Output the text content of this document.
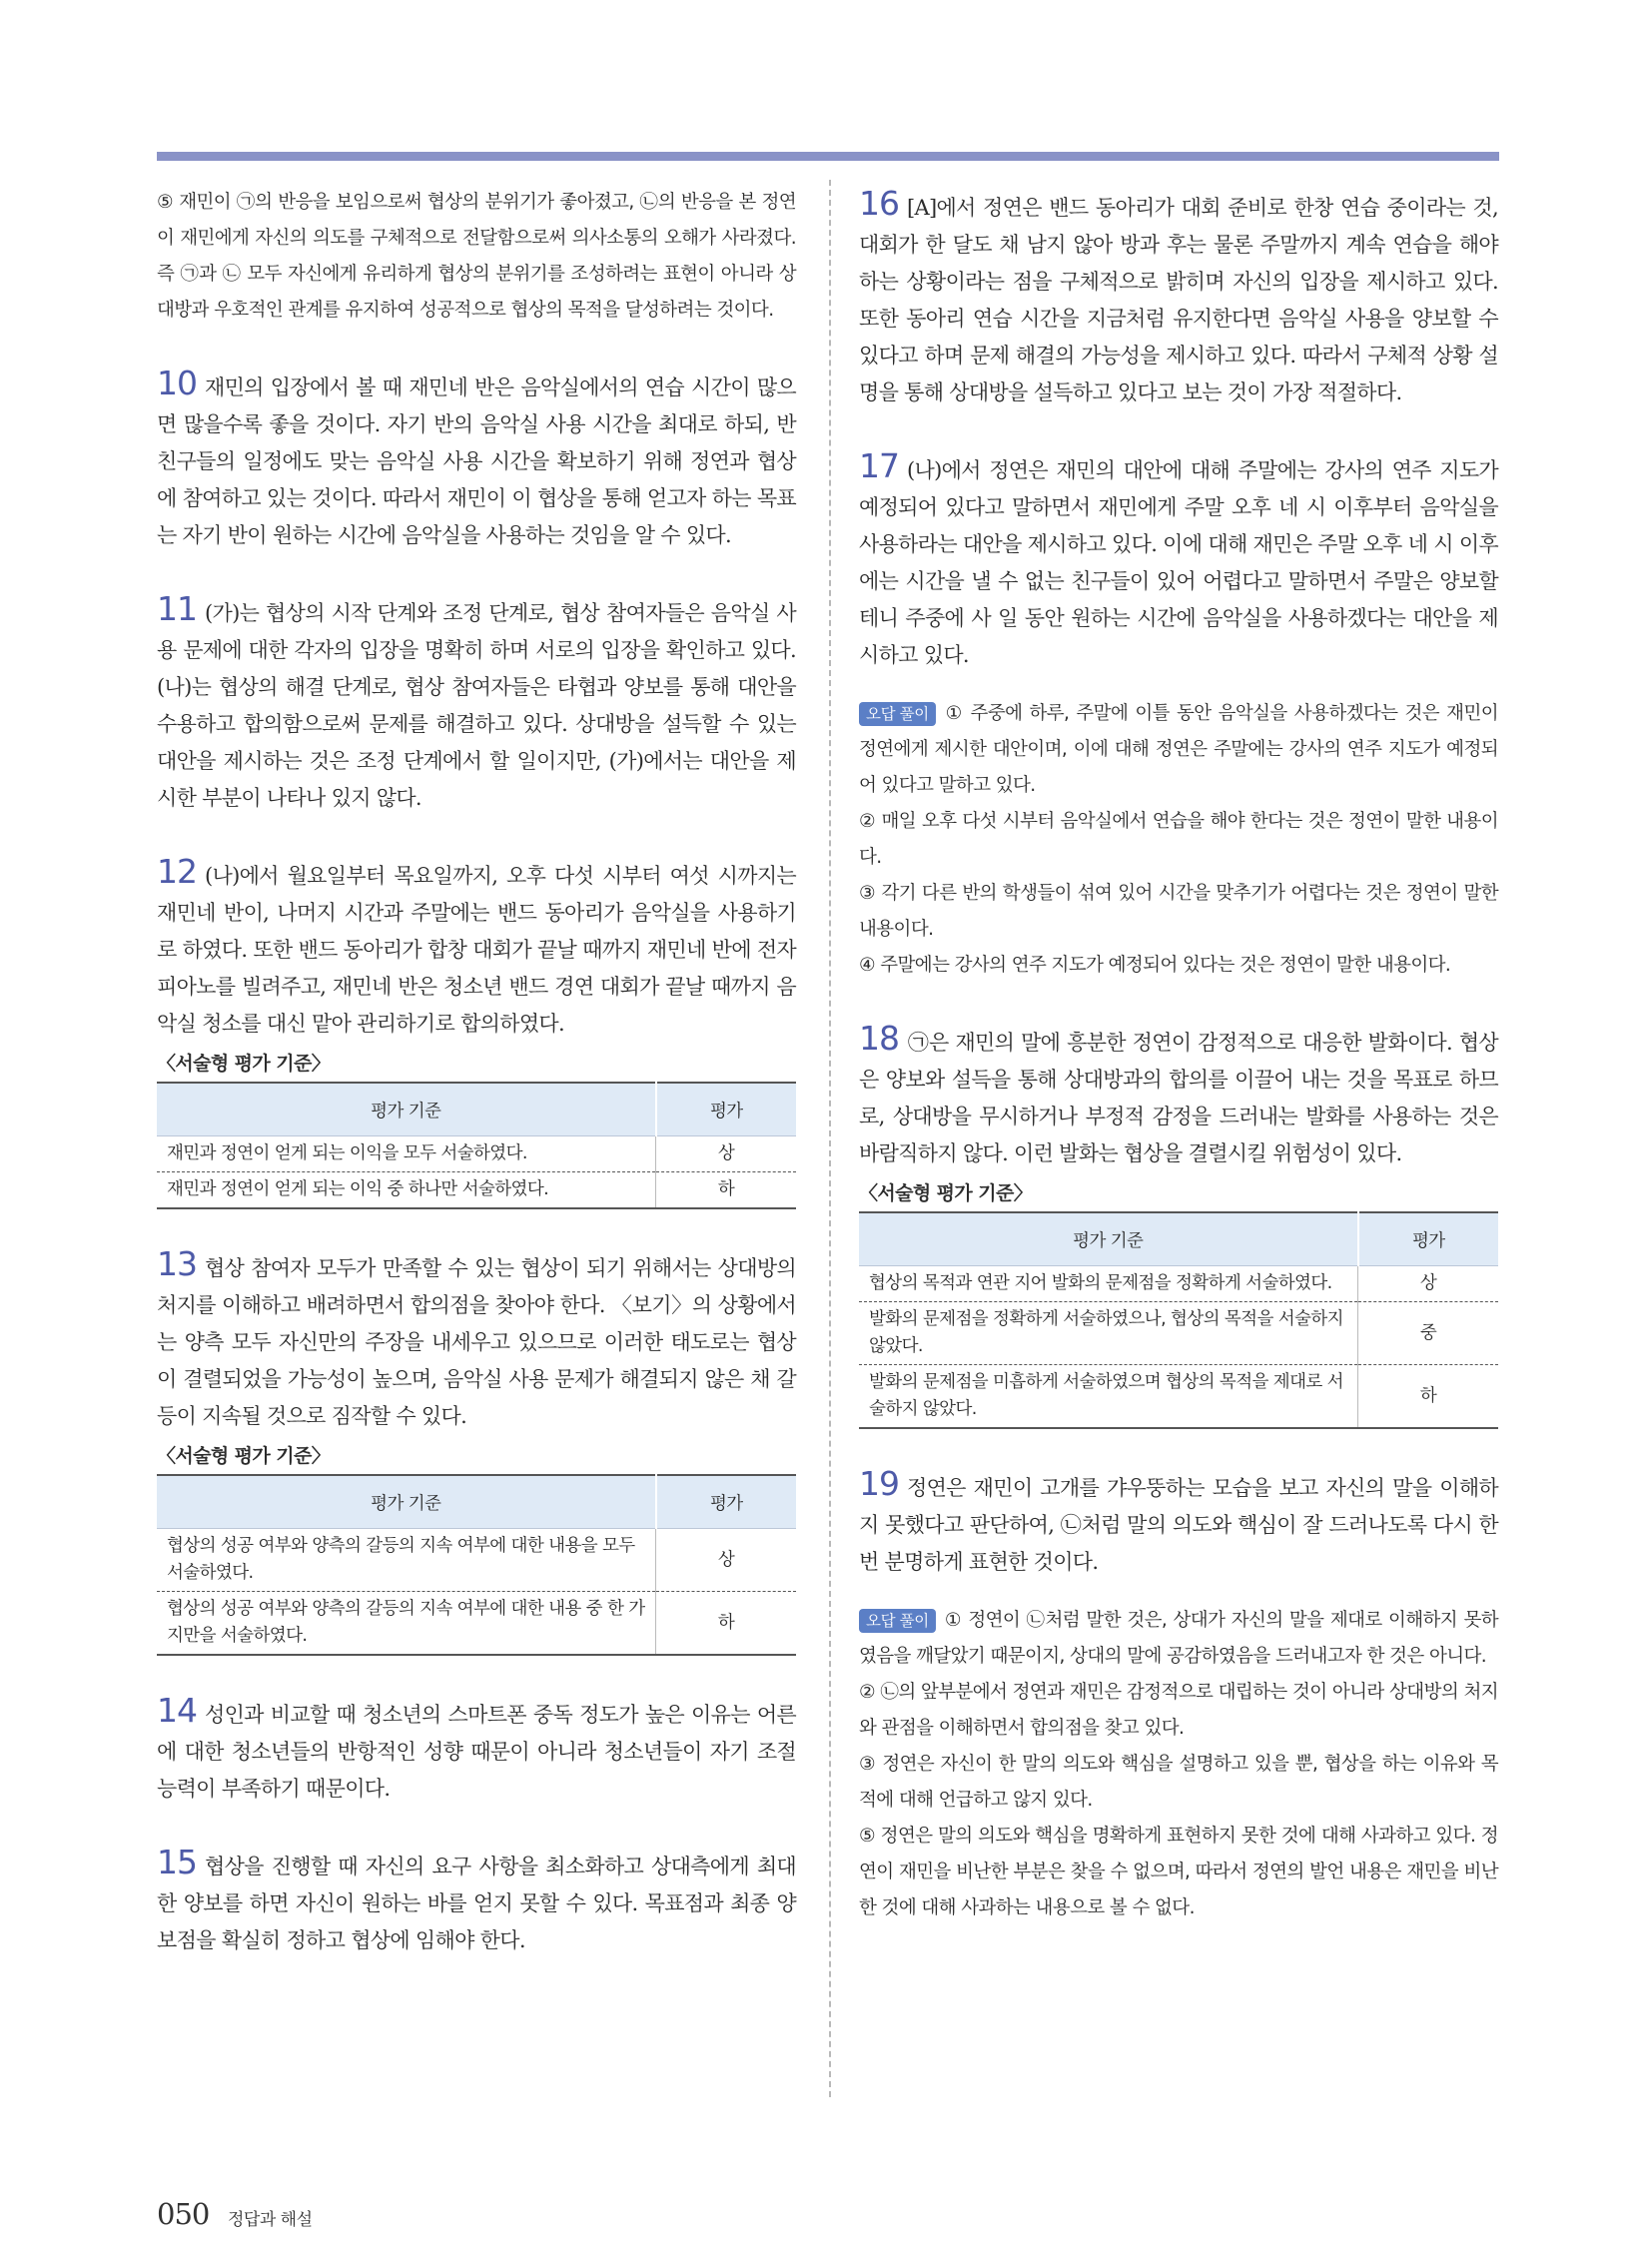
⑤ 재민이 ㉠의 반응을 보임으로써 협상의 분위기가 좋아졌고, ㉡의 반응을 본 정연이 재민에게 자신의 의도를 구체적으로 전달함으로써 의사소통의 오해가 사라졌다. 즉 ㉠과 ㉡ 모두 자신에게 유리하게 협상의 분위기를 조성하려는 표현이 아니라 상대방과 우호적인 관계를 유지하여 성공적으로 협상의 목적을 달성하려는 것이다.

10 재민의 입장에서 볼 때 재민네 반은 음악실에서의 연습 시간이 많으면 많을수록 좋을 것이다. 자기 반의 음악실 사용 시간을 최대로 하되, 반 친구들의 일정에도 맞는 음악실 사용 시간을 확보하기 위해 정연과 협상에 참여하고 있는 것이다. 따라서 재민이 이 협상을 통해 얻고자 하는 목표는 자기 반이 원하는 시간에 음악실을 사용하는 것임을 알 수 있다.

11 (가)는 협상의 시작 단계와 조정 단계로, 협상 참여자들은 음악실 사용 문제에 대한 각자의 입장을 명확히 하며 서로의 입장을 확인하고 있다. (나)는 협상의 해결 단계로, 협상 참여자들은 타협과 양보를 통해 대안을 수용하고 합의함으로써 문제를 해결하고 있다. 상대방을 설득할 수 있는 대안을 제시하는 것은 조정 단계에서 할 일이지만, (가)에서는 대안을 제시한 부분이 나타나 있지 않다.

12 (나)에서 월요일부터 목요일까지, 오후 다섯 시부터 여섯 시까지는 재민네 반이, 나머지 시간과 주말에는 밴드 동아리가 음악실을 사용하기로 하였다. 또한 밴드 동아리가 합창 대회가 끝날 때까지 재민네 반에 전자 피아노를 빌려주고, 재민네 반은 청소년 밴드 경연 대회가 끝날 때까지 음악실 청소를 대신 맡아 관리하기로 합의하였다.

〈서술형 평가 기준〉
평가 기준	평가
재민과 정연이 얻게 되는 이익을 모두 서술하였다.	상
재민과 정연이 얻게 되는 이익 중 하나만 서술하였다.	하

13 협상 참여자 모두가 만족할 수 있는 협상이 되기 위해서는 상대방의 처지를 이해하고 배려하면서 합의점을 찾아야 한다. 〈보기〉의 상황에서는 양측 모두 자신만의 주장을 내세우고 있으므로 이러한 태도로는 협상이 결렬되었을 가능성이 높으며, 음악실 사용 문제가 해결되지 않은 채 갈등이 지속될 것으로 짐작할 수 있다.

〈서술형 평가 기준〉
평가 기준	평가
협상의 성공 여부와 양측의 갈등의 지속 여부에 대한 내용을 모두 서술하였다.	상
협상의 성공 여부와 양측의 갈등의 지속 여부에 대한 내용 중 한 가지만을 서술하였다.	하

14 성인과 비교할 때 청소년의 스마트폰 중독 정도가 높은 이유는 어른에 대한 청소년들의 반항적인 성향 때문이 아니라 청소년들이 자기 조절 능력이 부족하기 때문이다.

15 협상을 진행할 때 자신의 요구 사항을 최소화하고 상대측에게 최대한 양보를 하면 자신이 원하는 바를 얻지 못할 수 있다. 목표점과 최종 양보점을 확실히 정하고 협상에 임해야 한다.

16 [A]에서 정연은 밴드 동아리가 대회 준비로 한창 연습 중이라는 것, 대회가 한 달도 채 남지 않아 방과 후는 물론 주말까지 계속 연습을 해야 하는 상황이라는 점을 구체적으로 밝히며 자신의 입장을 제시하고 있다. 또한 동아리 연습 시간을 지금처럼 유지한다면 음악실 사용을 양보할 수 있다고 하며 문제 해결의 가능성을 제시하고 있다. 따라서 구체적 상황 설명을 통해 상대방을 설득하고 있다고 보는 것이 가장 적절하다.

17 (나)에서 정연은 재민의 대안에 대해 주말에는 강사의 연주 지도가 예정되어 있다고 말하면서 재민에게 주말 오후 네 시 이후부터 음악실을 사용하라는 대안을 제시하고 있다. 이에 대해 재민은 주말 오후 네 시 이후에는 시간을 낼 수 없는 친구들이 있어 어렵다고 말하면서 주말은 양보할 테니 주중에 사 일 동안 원하는 시간에 음악실을 사용하겠다는 대안을 제시하고 있다.

오답 풀이 ① 주중에 하루, 주말에 이틀 동안 음악실을 사용하겠다는 것은 재민이 정연에게 제시한 대안이며, 이에 대해 정연은 주말에는 강사의 연주 지도가 예정되어 있다고 말하고 있다.

② 매일 오후 다섯 시부터 음악실에서 연습을 해야 한다는 것은 정연이 말한 내용이다.

③ 각기 다른 반의 학생들이 섞여 있어 시간을 맞추기가 어렵다는 것은 정연이 말한 내용이다.

④ 주말에는 강사의 연주 지도가 예정되어 있다는 것은 정연이 말한 내용이다.

18 ㉠은 재민의 말에 흥분한 정연이 감정적으로 대응한 발화이다. 협상은 양보와 설득을 통해 상대방과의 합의를 이끌어 내는 것을 목표로 하므로, 상대방을 무시하거나 부정적 감정을 드러내는 발화를 사용하는 것은 바람직하지 않다. 이런 발화는 협상을 결렬시킬 위험성이 있다.

〈서술형 평가 기준〉
평가 기준	평가
협상의 목적과 연관 지어 발화의 문제점을 정확하게 서술하였다.	상
발화의 문제점을 정확하게 서술하였으나, 협상의 목적을 서술하지 않았다.	중
발화의 문제점을 미흡하게 서술하였으며 협상의 목적을 제대로 서술하지 않았다.	하

19 정연은 재민이 고개를 갸우뚱하는 모습을 보고 자신의 말을 이해하지 못했다고 판단하여, ㉡처럼 말의 의도와 핵심이 잘 드러나도록 다시 한번 분명하게 표현한 것이다.

오답 풀이 ① 정연이 ㉡처럼 말한 것은, 상대가 자신의 말을 제대로 이해하지 못하였음을 깨달았기 때문이지, 상대의 말에 공감하였음을 드러내고자 한 것은 아니다.

② ㉡의 앞부분에서 정연과 재민은 감정적으로 대립하는 것이 아니라 상대방의 처지와 관점을 이해하면서 합의점을 찾고 있다.

③ 정연은 자신이 한 말의 의도와 핵심을 설명하고 있을 뿐, 협상을 하는 이유와 목적에 대해 언급하고 않지 있다.

⑤ 정연은 말의 의도와 핵심을 명확하게 표현하지 못한 것에 대해 사과하고 있다. 정연이 재민을 비난한 부분은 찾을 수 없으며, 따라서 정연의 발언 내용은 재민을 비난한 것에 대해 사과하는 내용으로 볼 수 없다.

050 정답과 해설
